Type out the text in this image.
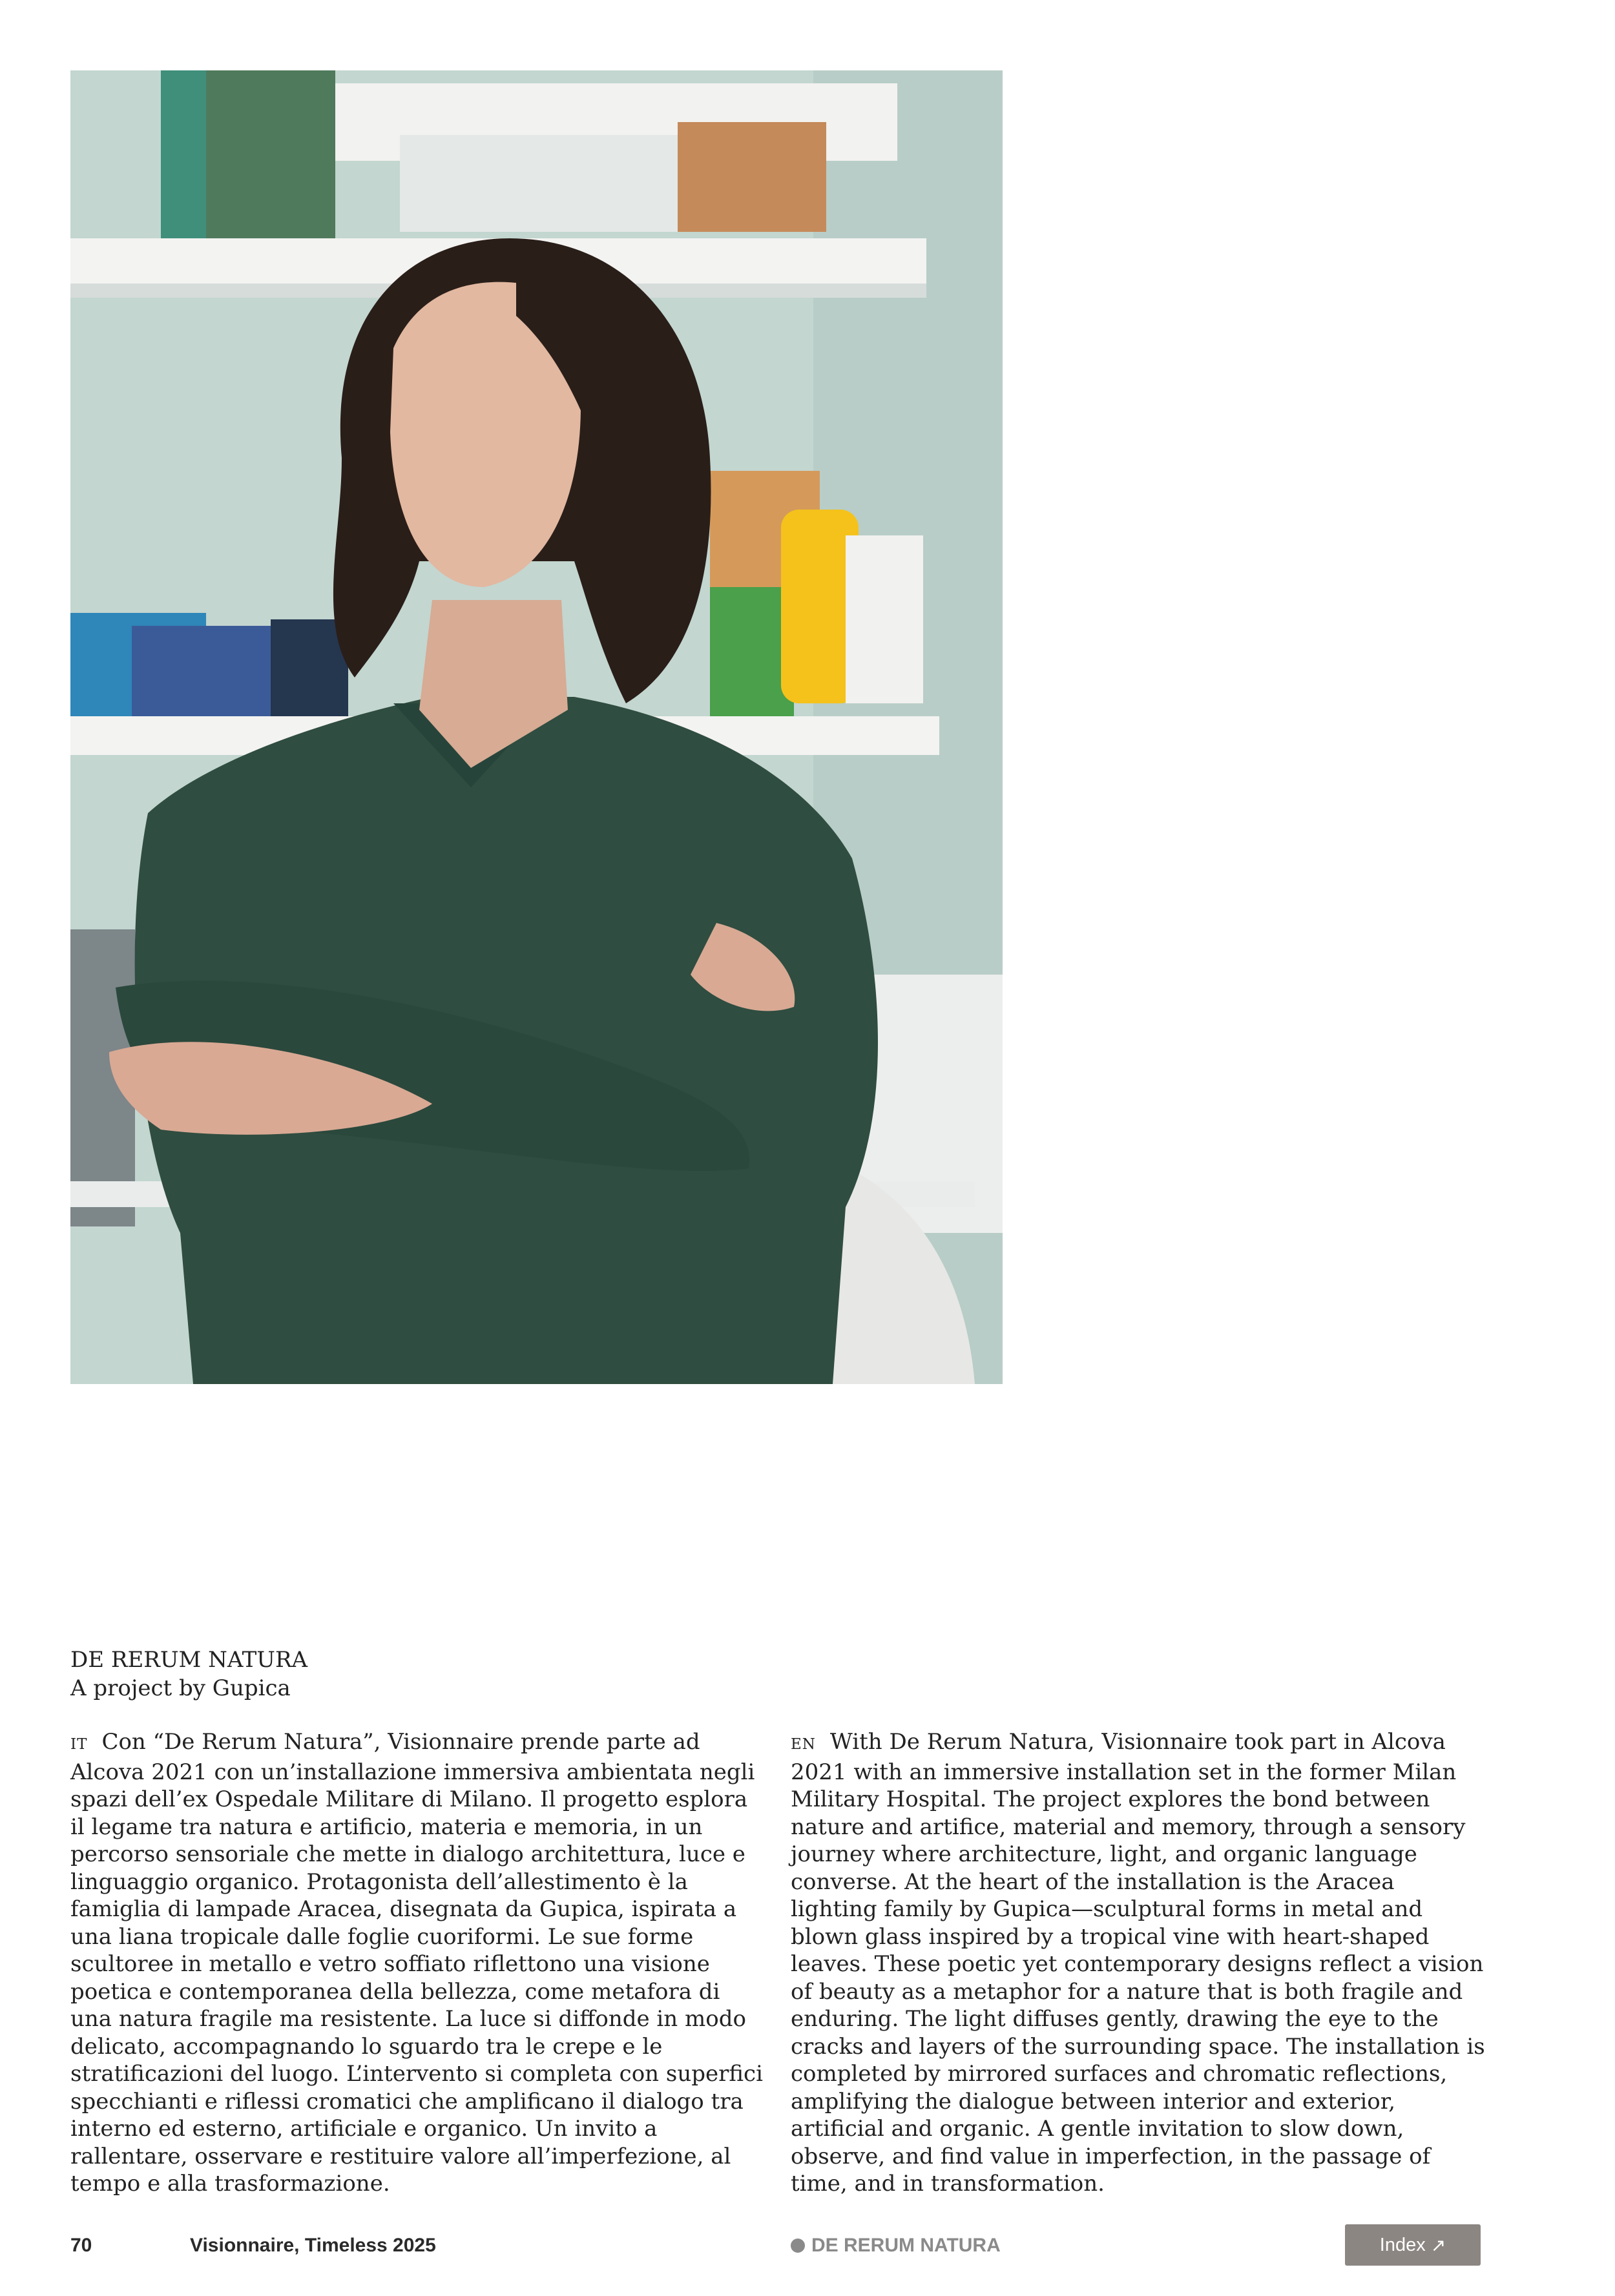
DE RERUM NATURA
A project by Gupica

IT Con “De Rerum Natura”, Visionnaire prende parte ad Alcova 2021 con un’installazione immersiva ambientata negli spazi dell’ex Ospedale Militare di Milano. Il progetto esplora il legame tra natura e artificio, materia e memoria, in un percorso sensoriale che mette in dialogo architettura, luce e linguaggio organico. Protagonista dell’allestimento è la famiglia di lampade Aracea, disegnata da Gupica, ispirata a una liana tropicale dalle foglie cuoriformi. Le sue forme scultoree in metallo e vetro soffiato riflettono una visione poetica e contemporanea della bellezza, come metafora di una natura fragile ma resistente. La luce si diffonde in modo delicato, accompagnando lo sguardo tra le crepe e le stratificazioni del luogo. L’intervento si completa con superfici specchianti e riflessi cromatici che amplificano il dialogo tra interno ed esterno, artificiale e organico. Un invito a rallentare, osservare e restituire valore all’imperfezione, al tempo e alla trasformazione.

EN With De Rerum Natura, Visionnaire took part in Alcova 2021 with an immersive installation set in the former Milan Military Hospital. The project explores the bond between nature and artifice, material and memory, through a sensory journey where architecture, light, and organic language converse. At the heart of the installation is the Aracea lighting family by Gupica—sculptural forms in metal and blown glass inspired by a tropical vine with heart-shaped leaves. These poetic yet contemporary designs reflect a vision of beauty as a metaphor for a nature that is both fragile and enduring. The light diffuses gently, drawing the eye to the cracks and layers of the surrounding space. The installation is completed by mirrored surfaces and chromatic reflections, amplifying the dialogue between interior and exterior, artificial and organic. A gentle invitation to slow down, observe, and find value in imperfection, in the passage of time, and in transformation.

70	Visionnaire, Timeless 2025	DE RERUM NATURA	Index ↗
